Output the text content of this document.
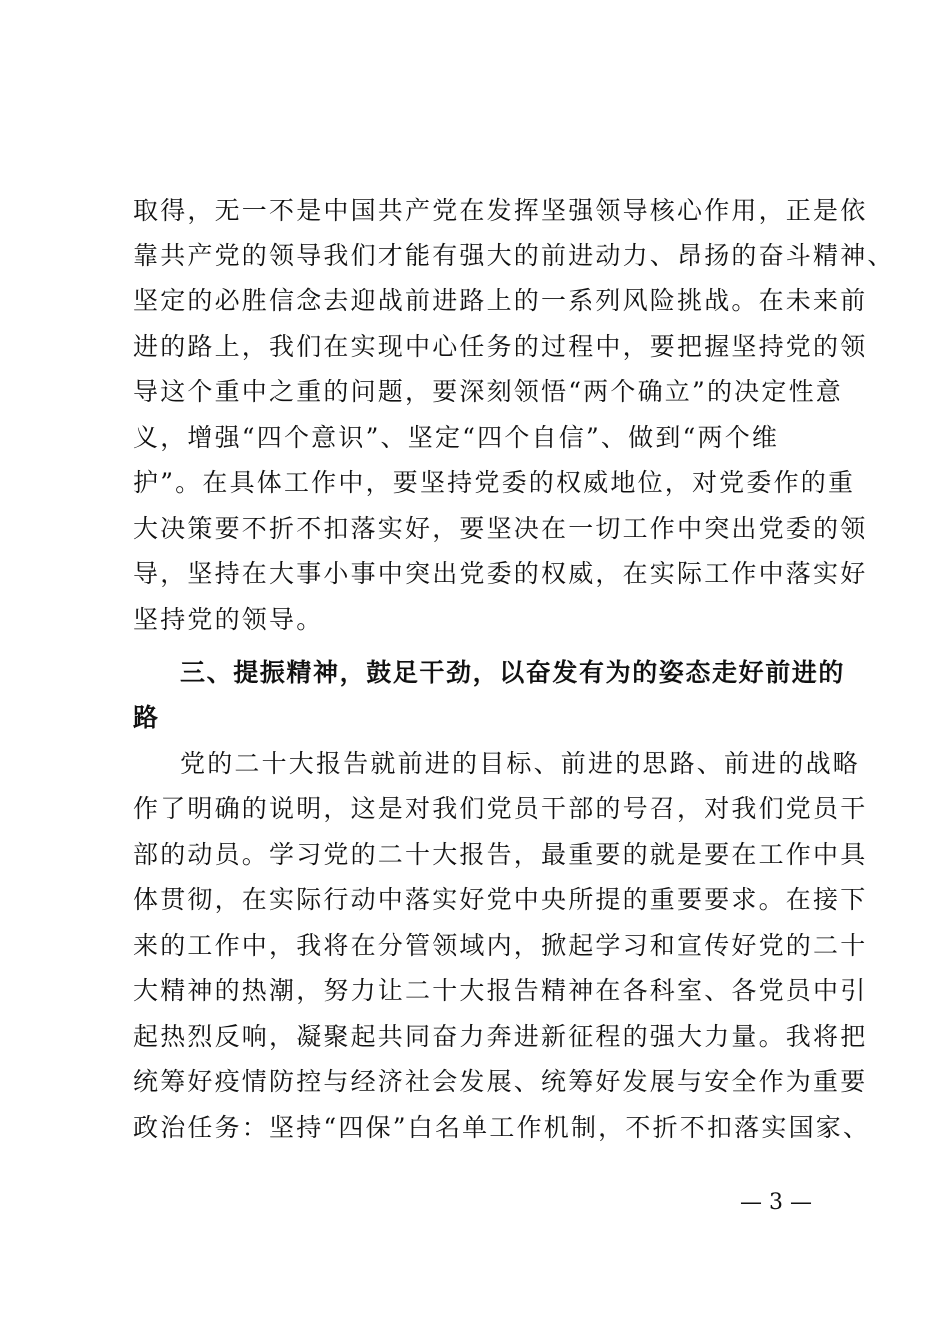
取得，无一不是中国共产党在发挥坚强领导核心作用，正是依
靠共产党的领导我们才能有强大的前进动力、昂扬的奋斗精神、
坚定的必胜信念去迎战前进路上的一系列风险挑战。在未来前
进的路上，我们在实现中心任务的过程中，要把握坚持党的领
导这个重中之重的问题，要深刻领悟“两个确立”的决定性意
义，增强“四个意识”、坚定“四个自信”、做到“两个维
护”。在具体工作中，要坚持党委的权威地位，对党委作的重
大决策要不折不扣落实好，要坚决在一切工作中突出党委的领
导，坚持在大事小事中突出党委的权威，在实际工作中落实好
坚持党的领导。
三、提振精神，鼓足干劲，以奋发有为的姿态走好前进的
路
党的二十大报告就前进的目标、前进的思路、前进的战略
作了明确的说明，这是对我们党员干部的号召，对我们党员干
部的动员。学习党的二十大报告，最重要的就是要在工作中具
体贯彻，在实际行动中落实好党中央所提的重要要求。在接下
来的工作中，我将在分管领域内，掀起学习和宣传好党的二十
大精神的热潮，努力让二十大报告精神在各科室、各党员中引
起热烈反响，凝聚起共同奋力奔进新征程的强大力量。我将把
统筹好疫情防控与经济社会发展、统筹好发展与安全作为重要
政治任务：坚持“四保”白名单工作机制，不折不扣落实国家、
— 3 —
